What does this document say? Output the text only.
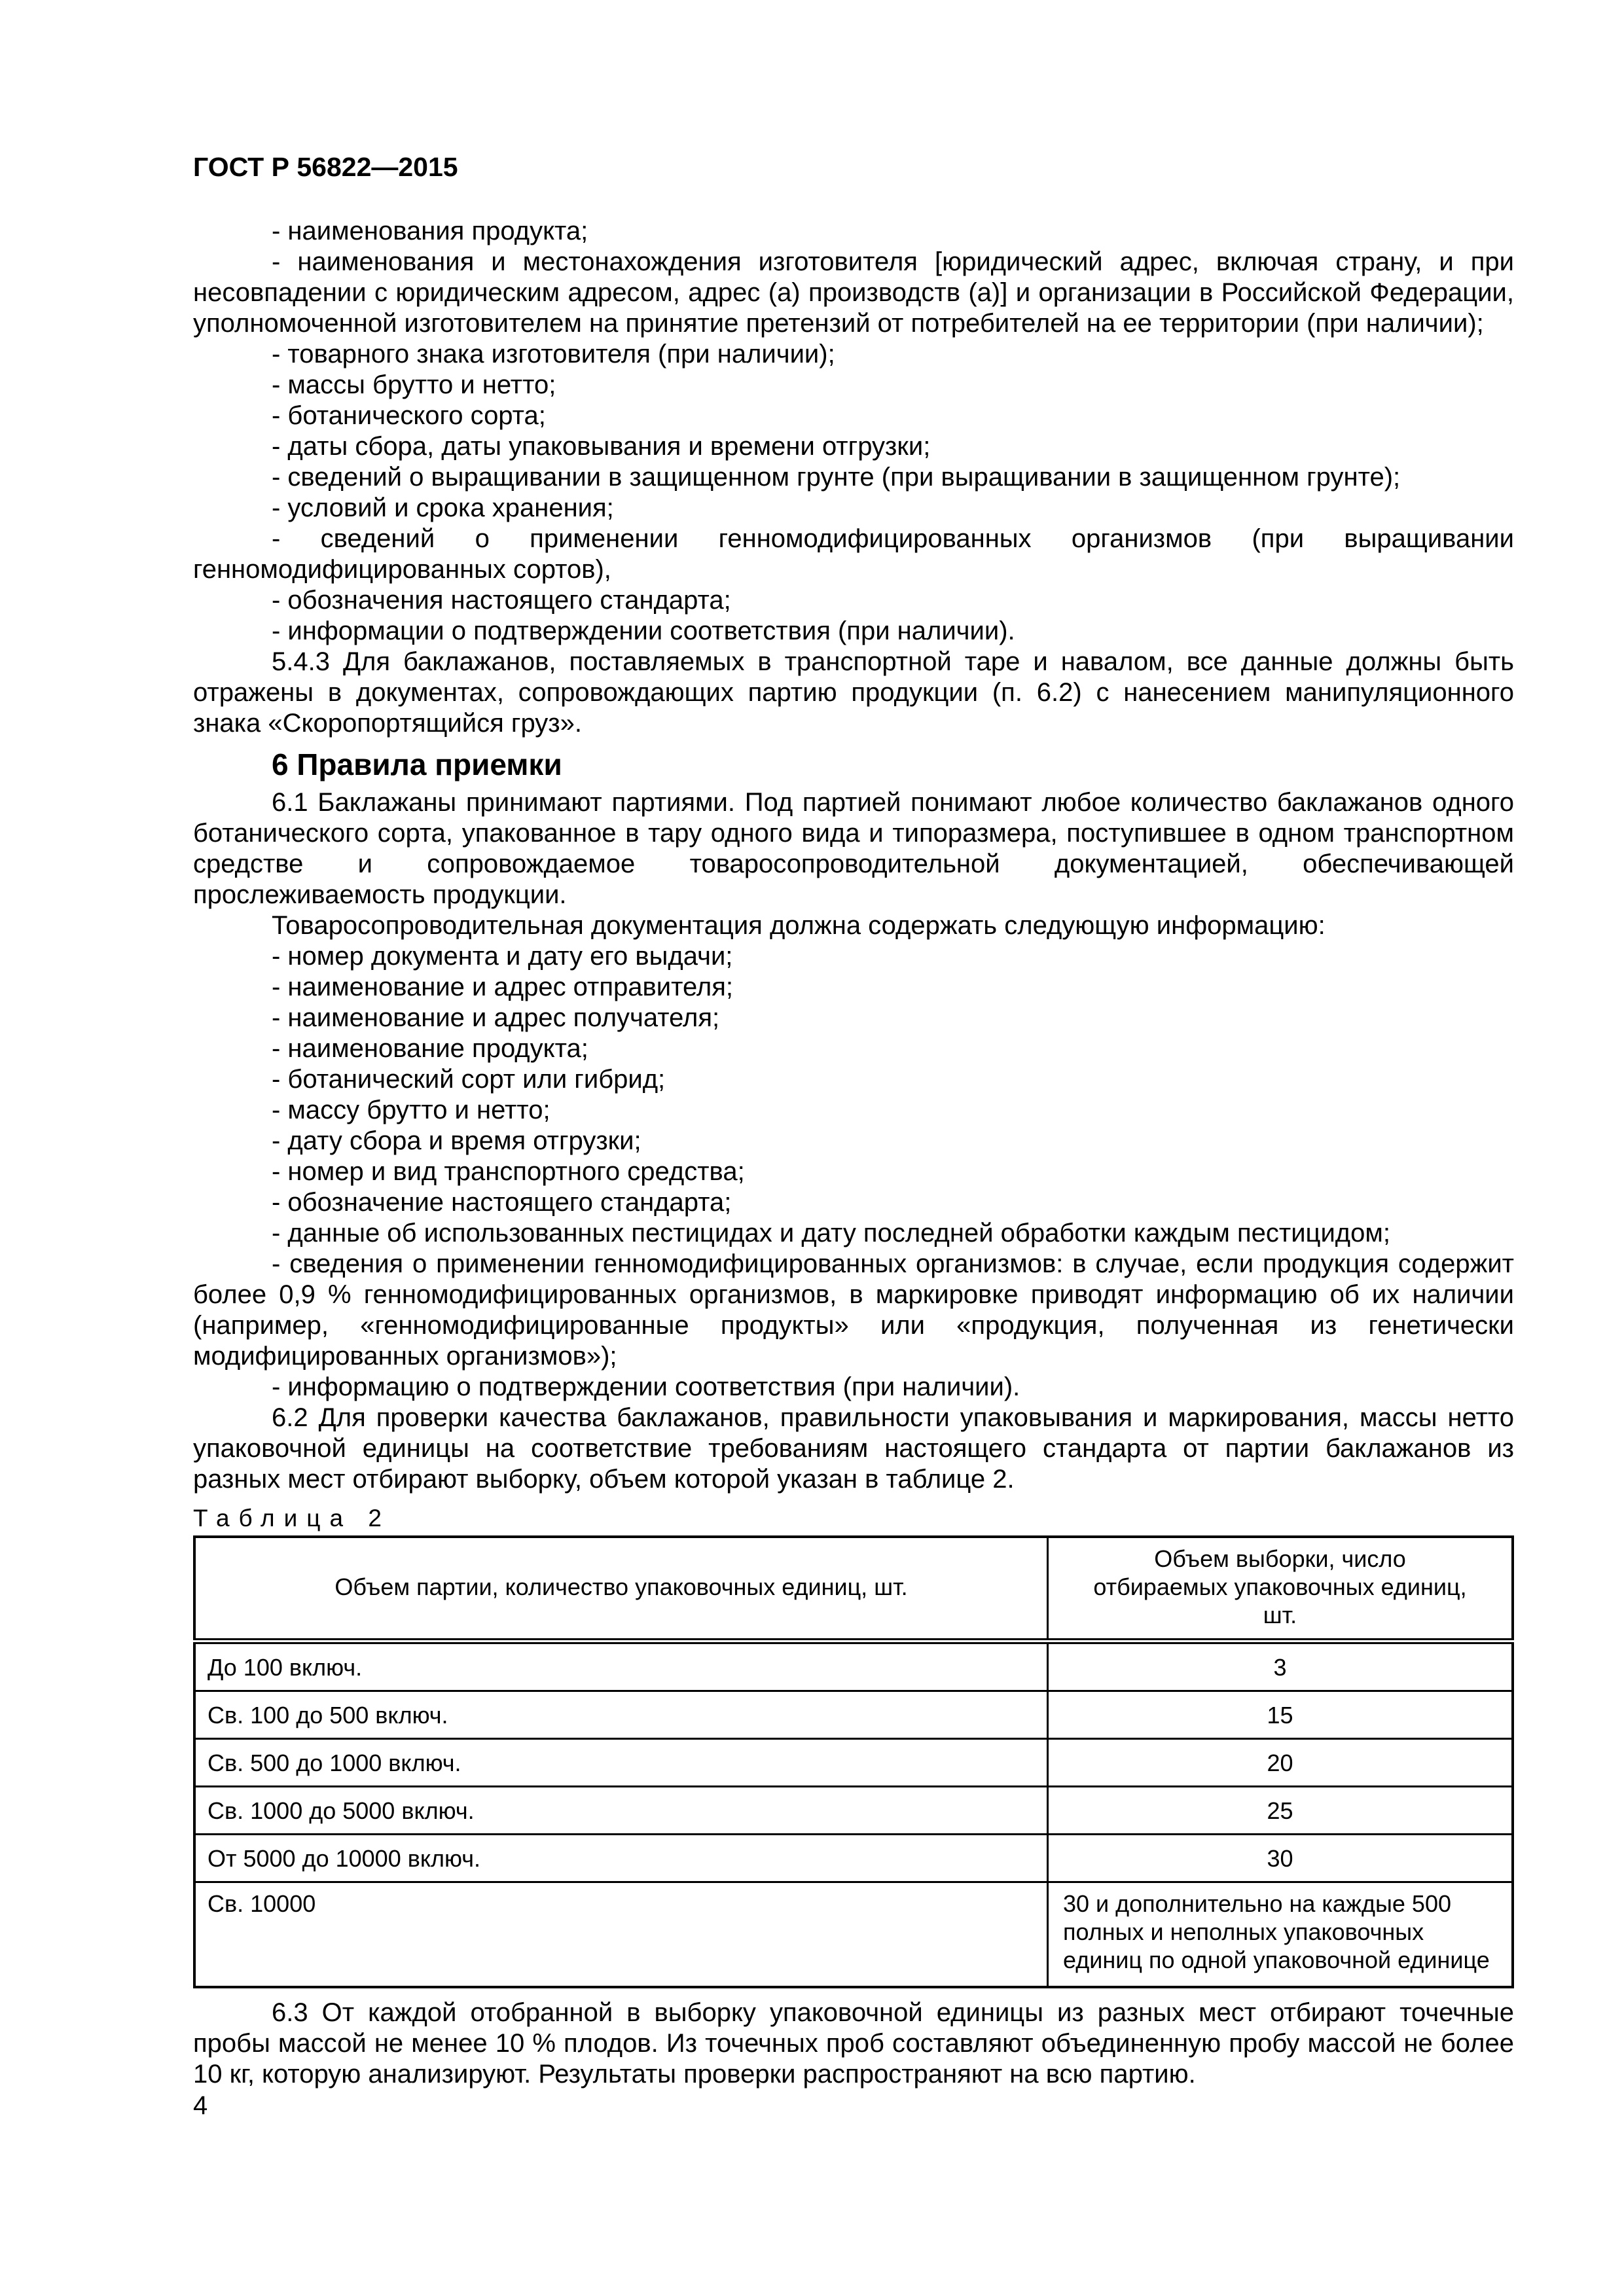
ГОСТ Р 56822—2015

- наименования продукта;

- наименования и местонахождения изготовителя [юридический адрес, включая страну, и при несовпадении с юридическим адресом, адрес (а) производств (а)] и организации в Российской Федерации, уполномоченной изготовителем на принятие претензий от потребителей на ее территории (при наличии);

- товарного знака изготовителя (при наличии);

- массы брутто и нетто;

- ботанического сорта;

- даты сбора, даты упаковывания и времени отгрузки;

- сведений о выращивании в защищенном грунте (при выращивании в защищенном грунте);

- условий и срока хранения;

- сведений о применении генномодифицированных организмов (при выращивании генномодифицированных сортов),

- обозначения настоящего стандарта;

- информации о подтверждении соответствия (при наличии).

5.4.3 Для баклажанов, поставляемых в транспортной таре и навалом, все данные должны быть отражены в документах, сопровождающих партию продукции (п. 6.2) с нанесением манипуляционного знака «Скоропортящийся груз».

6 Правила приемки

6.1 Баклажаны принимают партиями. Под партией понимают любое количество баклажанов одного ботанического сорта, упакованное в тару одного вида и типоразмера, поступившее в одном транспортном средстве и сопровождаемое товаросопроводительной документацией, обеспечивающей прослеживаемость продукции.

Товаросопроводительная документация должна содержать следующую информацию:

- номер документа и дату его выдачи;

- наименование и адрес отправителя;

- наименование и адрес получателя;

- наименование продукта;

- ботанический сорт или гибрид;

- массу брутто и нетто;

- дату сбора и время отгрузки;

- номер и вид транспортного средства;

- обозначение настоящего стандарта;

- данные об использованных пестицидах и дату последней обработки каждым пестицидом;

- сведения о применении генномодифицированных организмов: в случае, если продукция содержит более 0,9 % генномодифицированных организмов, в маркировке приводят информацию об их наличии (например, «генномодифицированные продукты» или «продукция, полученная из генетически модифицированных организмов»);

- информацию о подтверждении соответствия (при наличии).

6.2 Для проверки качества баклажанов, правильности упаковывания и маркирования, массы нетто упаковочной единицы на соответствие требованиям настоящего стандарта от партии баклажанов из разных мест отбирают выборку, объем которой указан в таблице 2.

Таблица 2
Объем партии, количество упаковочных единиц, шт.	Объем выборки, число отбираемых упаковочных единиц, шт.
До 100 включ.	3
Св. 100 до 500 включ.	15
Св. 500 до 1000 включ.	20
Св. 1000 до 5000 включ.	25
От 5000 до 10000 включ.	30
Св. 10000	30 и дополнительно на каждые 500 полных и неполных упаковочных единиц по одной упаковочной единице

6.3 От каждой отобранной в выборку упаковочной единицы из разных мест отбирают точечные пробы массой не менее 10 % плодов. Из точечных проб составляют объединенную пробу массой не более 10 кг, которую анализируют. Результаты проверки распространяют на всю партию.

4
